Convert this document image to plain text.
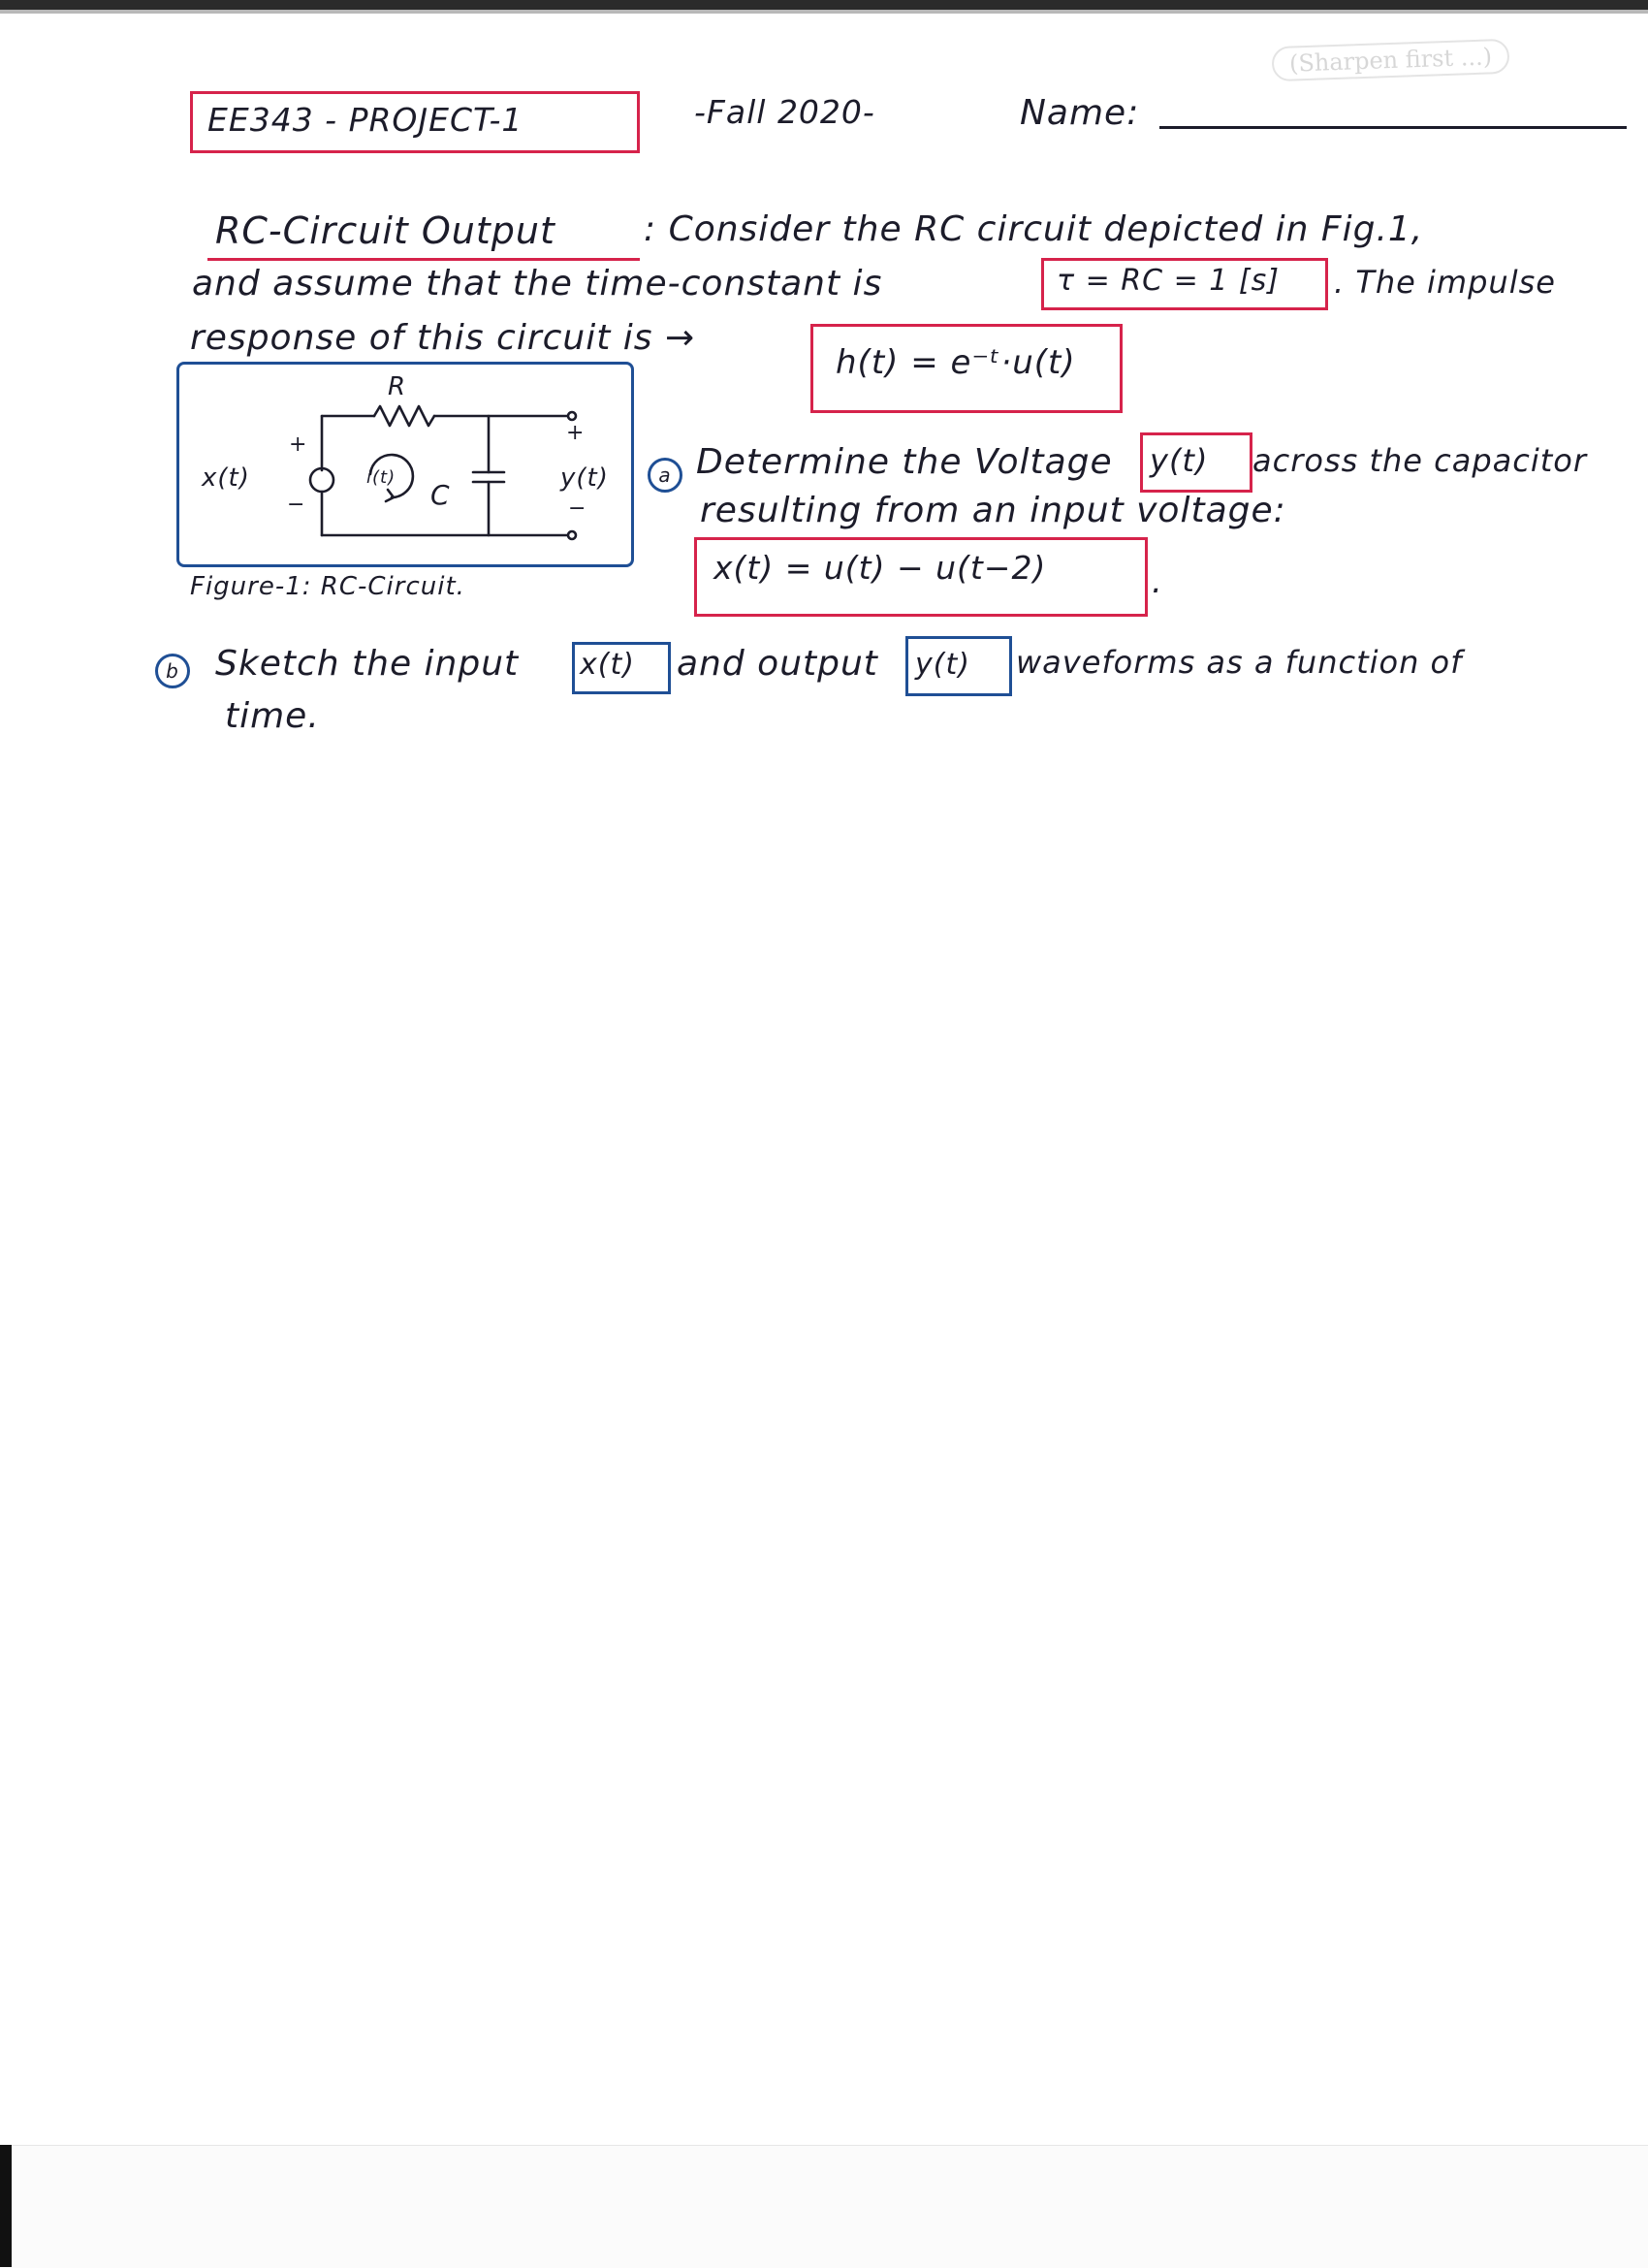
EE343 - PROJECT-1	-Fall 2020-	Name:
(Sharpen first ...)
RC-Circuit Output	: Consider the RC circuit depicted in Fig.1,
and assume that the time-constant is	τ = RC = 1 [s] . The impulse
response of this circuit is →
h(t) = e⁻ᵗ·u(t)
R
C
x(t)
+
−
i(t)	y(t)
+
−
Figure-1: RC-Circuit.
a Determine the Voltage y(t) across the capacitor
resulting from an input voltage:
x(t) = u(t) − u(t−2)	.
b	Sketch the input x(t) and output y(t) waveforms as a function of
time.
